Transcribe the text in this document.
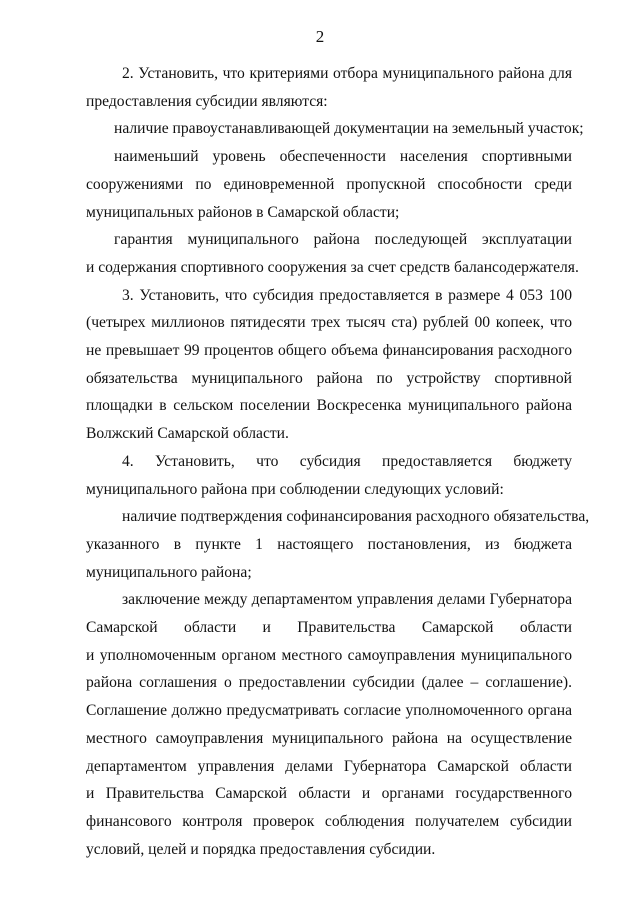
2
2. Установить, что критериями отбора муниципального района для
предоставления субсидии являются:
наличие правоустанавливающей документации на земельный участок;
наименьший уровень обеспеченности населения спортивными
сооружениями по единовременной пропускной способности среди
муниципальных районов в Самарской области;
гарантия муниципального района последующей эксплуатации
и содержания спортивного сооружения за счет средств балансодержателя.
3. Установить, что субсидия предоставляется в размере 4 053 100
(четырех миллионов пятидесяти трех тысяч ста) рублей 00 копеек, что
не превышает 99 процентов общего объема финансирования расходного
обязательства муниципального района по устройству спортивной
площадки в сельском поселении Воскресенка муниципального района
Волжский Самарской области.
4. Установить, что субсидия предоставляется бюджету
муниципального района при соблюдении следующих условий:
наличие подтверждения софинансирования расходного обязательства,
указанного в пункте 1 настоящего постановления, из бюджета
муниципального района;
заключение между департаментом управления делами Губернатора
Самарской области и Правительства Самарской области
и уполномоченным органом местного самоуправления муниципального
района соглашения о предоставлении субсидии (далее – соглашение).
Соглашение должно предусматривать согласие уполномоченного органа
местного самоуправления муниципального района на осуществление
департаментом управления делами Губернатора Самарской области
и Правительства Самарской области и органами государственного
финансового контроля проверок соблюдения получателем субсидии
условий, целей и порядка предоставления субсидии.
